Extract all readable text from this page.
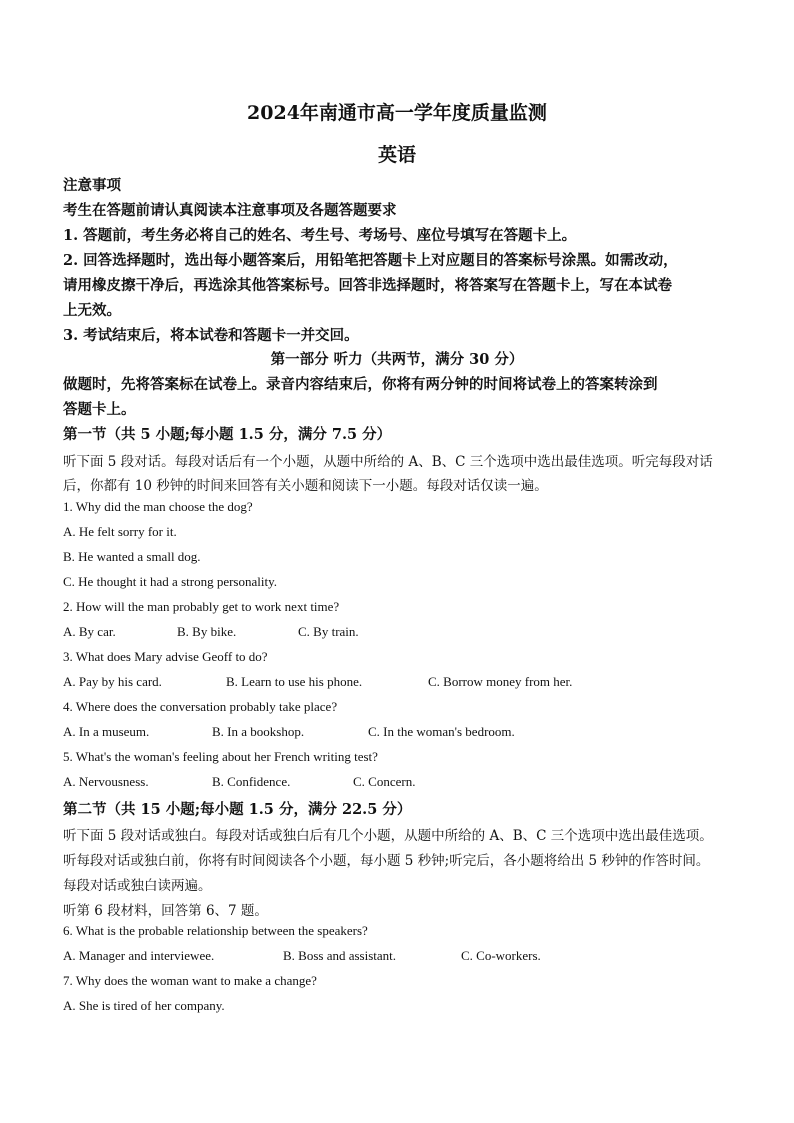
2024年南通市高一学年度质量监测
英语
注意事项
考生在答题前请认真阅读本注意事项及各题答题要求
1. 答题前，考生务必将自己的姓名、考生号、考场号、座位号填写在答题卡上。
2. 回答选择题时，选出每小题答案后，用铅笔把答题卡上对应题目的答案标号涂黑。如需改动，
请用橡皮擦干净后，再选涂其他答案标号。回答非选择题时，将答案写在答题卡上，写在本试卷
上无效。
3. 考试结束后，将本试卷和答题卡一并交回。
第一部分 听力（共两节，满分 30 分）
做题时，先将答案标在试卷上。录音内容结束后，你将有两分钟的时间将试卷上的答案转涂到
答题卡上。
第一节（共 5 小题;每小题 1.5 分，满分 7.5 分）
听下面 5 段对话。每段对话后有一个小题，从题中所给的 A、B、C 三个选项中选出最佳选项。听完每段对话
后，你都有 10 秒钟的时间来回答有关小题和阅读下一小题。每段对话仅读一遍。
1. Why did the man choose the dog?
A. He felt sorry for it.
B. He wanted a small dog.
C. He thought it had a strong personality.
2. How will the man probably get to work next time?
A. By car.	B. By bike.	C. By train.
3. What does Mary advise Geoff to do?
A. Pay by his card.	B. Learn to use his phone.	C. Borrow money from her.
4. Where does the conversation probably take place?
A. In a museum.	B. In a bookshop.	C. In the woman's bedroom.
5. What's the woman's feeling about her French writing test?
A. Nervousness.	B. Confidence.	C. Concern.
第二节（共 15 小题;每小题 1.5 分，满分 22.5 分）
听下面 5 段对话或独白。每段对话或独白后有几个小题，从题中所给的 A、B、C 三个选项中选出最佳选项。
听每段对话或独白前，你将有时间阅读各个小题，每小题 5 秒钟;听完后，各小题将给出 5 秒钟的作答时间。
每段对话或独白读两遍。
听第 6 段材料，回答第 6、7 题。
6. What is the probable relationship between the speakers?
A. Manager and interviewee.	B. Boss and assistant.	C. Co-workers.
7. Why does the woman want to make a change?
A. She is tired of her company.
